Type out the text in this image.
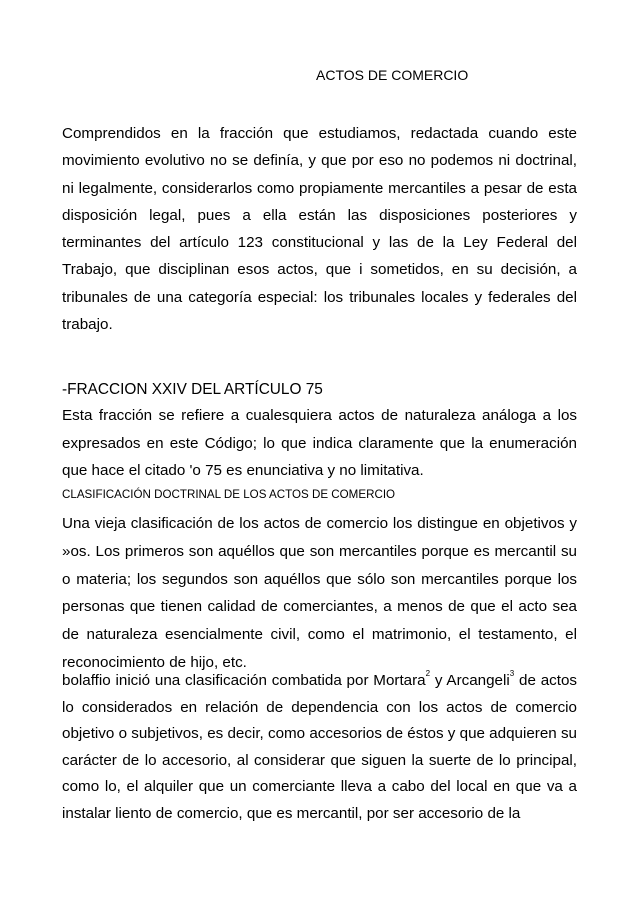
ACTOS DE COMERCIO

Comprendidos en la fracción que estudiamos, redactada cuando este movimiento evolutivo no se definía, y que por eso no podemos ni doctrinal, ni legalmente, considerarlos como propiamente mercantiles a pesar de esta disposición legal, pues a ella están las disposiciones posteriores y terminantes del artículo 123 constitucional y las de la Ley Federal del Trabajo, que disciplinan esos actos, que i sometidos, en su decisión, a tribunales de una categoría especial: los tribunales locales y federales del trabajo.

-FRACCION XXIV DEL ARTÍCULO 75

Esta fracción se refiere a cualesquiera actos de naturaleza análoga a los expresados en este Código; lo que indica claramente que la enumeración que hace el citado 'o 75 es enunciativa y no limitativa.

CLASIFICACIÓN DOCTRINAL DE LOS ACTOS DE COMERCIO

Una vieja clasificación de los actos de comercio los distingue en objetivos y »os. Los primeros son aquéllos que son mercantiles porque es mercantil su o materia; los segundos son aquéllos que sólo son mercantiles porque los personas que tienen calidad de comerciantes, a menos de que el acto sea de naturaleza esencialmente civil, como el matrimonio, el testamento, el reconocimiento de hijo, etc.

bolaffio inició una clasificación combatida por Mortara$^2$ y Arcangeli$^3$ de actos lo considerados en relación de dependencia con los actos de comercio objetivo o subjetivos, es decir, como accesorios de éstos y que adquieren su carácter de lo accesorio, al considerar que siguen la suerte de lo principal, como lo, el alquiler que un comerciante lleva a cabo del local en que va a instalar liento de comercio, que es mercantil, por ser accesorio de la
